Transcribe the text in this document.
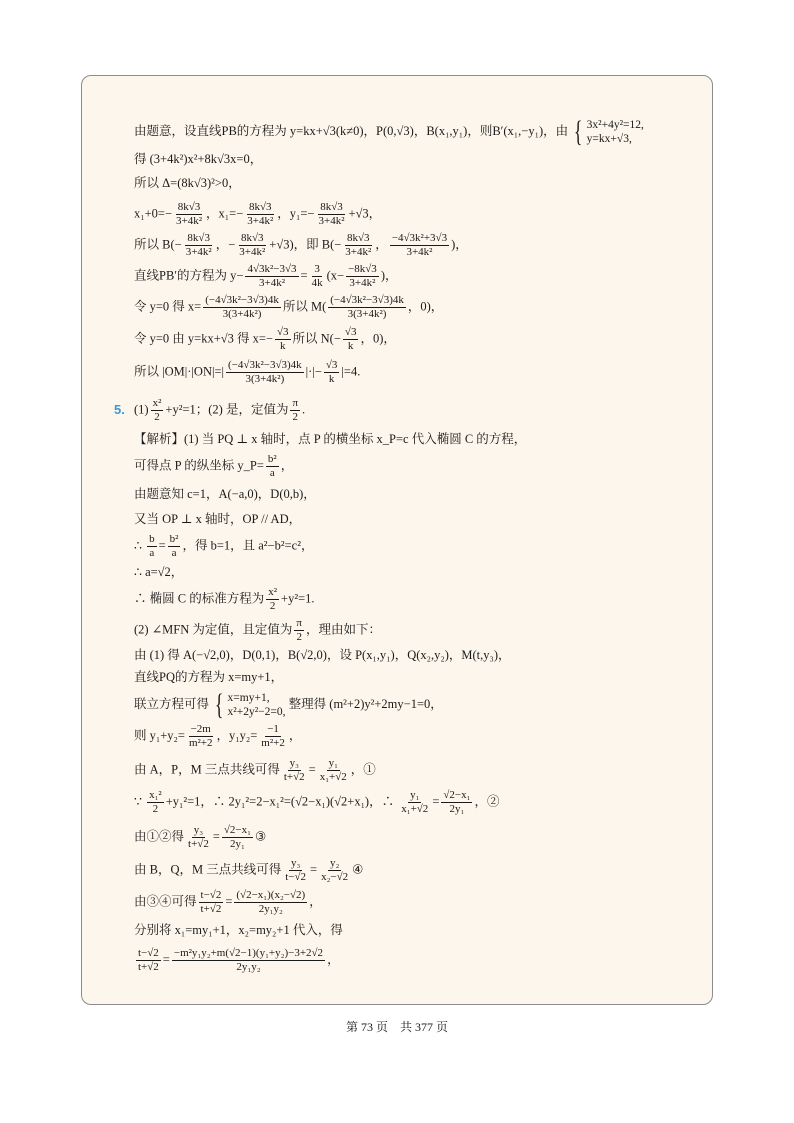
由题意，设直线PB的方程为 y=kx+√3(k≠0)，P(0,√3)，B(x₁,y₁)，则B′(x₁,−y₁)，由 { 3x²+4y²=12,
y=kx+√3,
得 (3+4k²)x²+8k√3x=0，
所以 Δ=(8k√3)²>0，
$x_1+0=- \frac{8k√3}{\text{3+4k²}}$ ，$x_1=- \frac{8k√3}{\text{3+4k²}}$ ，$y_1=- \frac{8k√3}{\text{3+4k²}} +√3$，
所以 $B(- \frac{8k√3}{\text{3+4k²}}$ ，− $\frac{8k√3}{\text{3+4k²}} +√3$)，即 $B(- \frac{8k√3}{\text{3+4k²}}$ ， $\frac{\text{−4√3k²+3√3}}{\text{3+4k²}}$ )，
直线PB′的方程为 $y- \frac{\text{4√3k²−3√3}}{\text{3+4k²}} = \frac{3}{4k} (x- \frac{-8k√3}{\text{3+4k²}}$ )，
令 y=0 得 $x= \frac{\text{(−4√3k²−3√3)4k}}{\text{3(3+4k²)}}$ 所以 $M( \frac{\text{(−4√3k²−3√3)4k}}{\text{3(3+4k²)}}$ ，0)，
令 y=0 由 y=kx+√3 得 $x=- \frac{√3}{k}$ 所以 $N(- \frac{√3}{k}$ ，0)，
所以 $|OM|\cdot|ON|=| \frac{\text{(−4√3k²−3√3)4k}}{\text{3(3+4k²)}}$ |·|− $\frac{√3}{k} |=4$.
5. $(1) \frac{\text{x²}}{2} +y^2=1$；(2) 是，定值为 $\frac{\pi}{2}$ .
【解析】(1) 当 PQ ⊥ x 轴时，点 P 的横坐标 x_P=c 代入椭圆 C 的方程，
可得点 P 的纵坐标 y_P= $\frac{\text{b²}}{a}$ ，
由题意知 c=1，A(−a,0)，D(0,b)，
又当 OP ⊥ x 轴时，OP // AD，
∴ $\frac{b}{a} = \frac{\text{b²}}{a}$ ，得 b=1，且 a²−b²=c²，
∴ a=√2，
∴ 椭圆 C 的标准方程为 $\frac{\text{x²}}{2} +y^2=1$.
(2) ∠MFN 为定值，且定值为 $\frac{\pi}{2}$ ，理由如下：
由 (1) 得 A(−√2,0)，D(0,1)，B(√2,0)，设 P(x₁,y₁)，Q(x₂,y₂)，M(t,y₃)，
直线PQ的方程为 x=my+1，
联立方程可得 { x=my+1,
x²+2y²−2=0,
整理得 (m²+2)y²+2my−1=0，
则 $y_1+y_2= \frac{-2m}{\text{m²+2}}$ ，$y_1y_2= \frac{-1}{\text{m²+2}}$ ，
由 A，P，M 三点共线可得 $\frac{\text{y₃}}{t+√2} = \frac{\text{y₁}}{\text{x₁+√2}}$ ，①
∵ $\frac{\text{x₁²}}{2} +y_1^2=1$，∴ 2y₁²=2−x₁²=(√2−x₁)(√2+x₁)，∴ $\frac{\text{y₁}}{\text{x₁+√2}} = \frac{\text{√2−x₁}}{\text{2y₁}}$ ，②
由①②得 $\frac{\text{y₃}}{t+√2} = \frac{\text{√2−x₁}}{\text{2y₁}}$ ③
由 B，Q，M 三点共线可得 $\frac{\text{y₃}}{t-√2} = \frac{\text{y₂}}{\text{x₂−√2}}$ ④
由③④可得 $\frac{t-√2}{t+√2} = \frac{\text{(√2−x₁)(x₂−√2)}}{\text{2y₁y₂}}$ ，
分别将 x₁=my₁+1，x₂=my₂+1 代入，得
$\frac{t-√2}{t+√2} = \frac{\text{−m²y₁y₂+m(√2−1)(y₁+y₂)−3+2√2}}{\text{2y₁y₂}}$ ，
第 73 页　共 377 页
